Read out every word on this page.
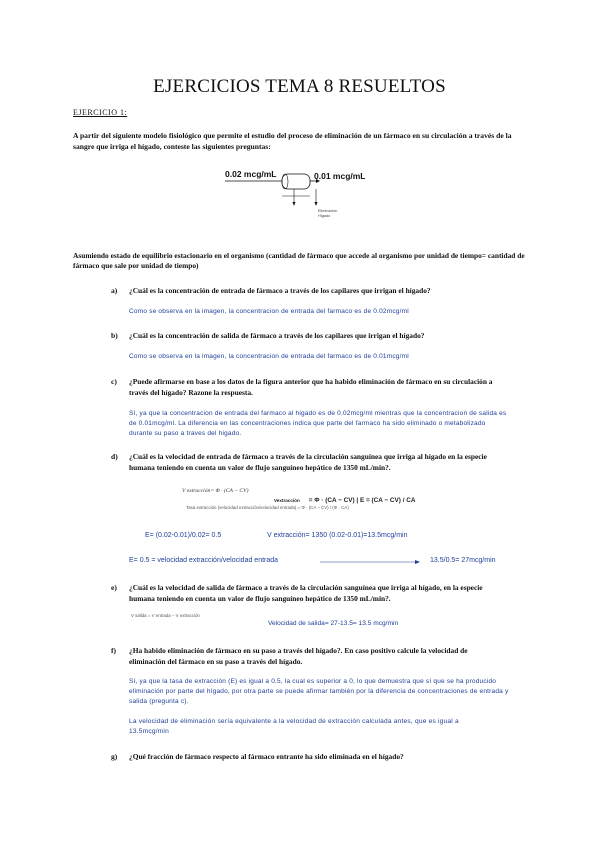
EJERCICIOS TEMA 8 RESUELTOS
EJERCICIO 1:
A partir del siguiente modelo fisiológico que permite el estudio del proceso de eliminación de un fármaco en su circulación a través de la sangre que irriga el hígado, conteste las siguientes preguntas:
0.02 mcg/mL	0.01 mcg/mL
Eliminación
Hígado
Asumiendo estado de equilibrio estacionario en el organismo (cantidad de fármaco que accede al organismo por unidad de tiempo= cantidad de fármaco que sale por unidad de tiempo)
a) ¿Cuál es la concentración de entrada de fármaco a través de los capilares que irrigan el hígado?
Como se observa en la imagen, la concentracion de entrada del farmaco es de 0.02mcg/ml
b) ¿Cuál es la concentración de salida de fármaco a través de los capilares que irrigan el hígado?
Como se observa en la imagen, la concentracion de entrada del farmaco es de 0.01mcg/ml
c) ¿Puede afirmarse en base a los datos de la figura anterior que ha habido eliminación de fármaco en su circulación a través del hígado? Razone la respuesta.
Sí, ya que la concentracion de entrada del farmaco al higado es de 0.02mcg/ml mientras que la concentracion de salida es de 0.01mcg/ml. La diferencia en las concentraciones indica que parte del farmaco ha sido eliminado o metabolizado durante su paso a traves del higado.
d) ¿Cuál es la velocidad de entrada de fármaco a través de la circulación sanguínea que irriga al hígado en la especie humana teniendo en cuenta un valor de flujo sanguíneo hepático de 1350 mL/min?.
V extracción= Φ · (CA − CV)
Tasa extracción (velocidad extracción/velocidad entrada) = Φ · (CA − CV) / (Φ · CA)
Vextracción = Φ · (CA − CV) | E = (CA − CV) / CA
E= (0.02-0.01)/0.02= 0.5	V extracción= 1350 (0.02-0.01)=13.5mcg/min
E= 0.5 = velocidad extracción/velocidad entrada	13.5/0.5= 27mcg/min
e) ¿Cuál es la velocidad de salida de fármaco a través de la circulación sanguínea que irriga al hígado, en la especie humana teniendo en cuenta un valor de flujo sanguíneo hepático de 1350 mL/min?.
V salida = V entrada − V extracción
Velocidad de salida= 27-13.5= 13.5 mcg/min
f) ¿Ha habido eliminación de fármaco en su paso a través del hígado?. En caso positivo calcule la velocidad de eliminación del fármaco en su paso a través del hígado.
Sí, ya que la tasa de extracción (E) es igual a 0.5, la cual es superior a 0, lo que demuestra que sí que se ha producido eliminación por parte del hígado, por otra parte se puede afirmar también por la diferencia de concentraciones de entrada y salida (pregunta c).
La velocidad de eliminación sería equivalente a la velocidad de extracción calculada antes, que es igual a 13.5mcg/min
g) ¿Qué fracción de fármaco respecto al fármaco entrante ha sido eliminada en el hígado?
